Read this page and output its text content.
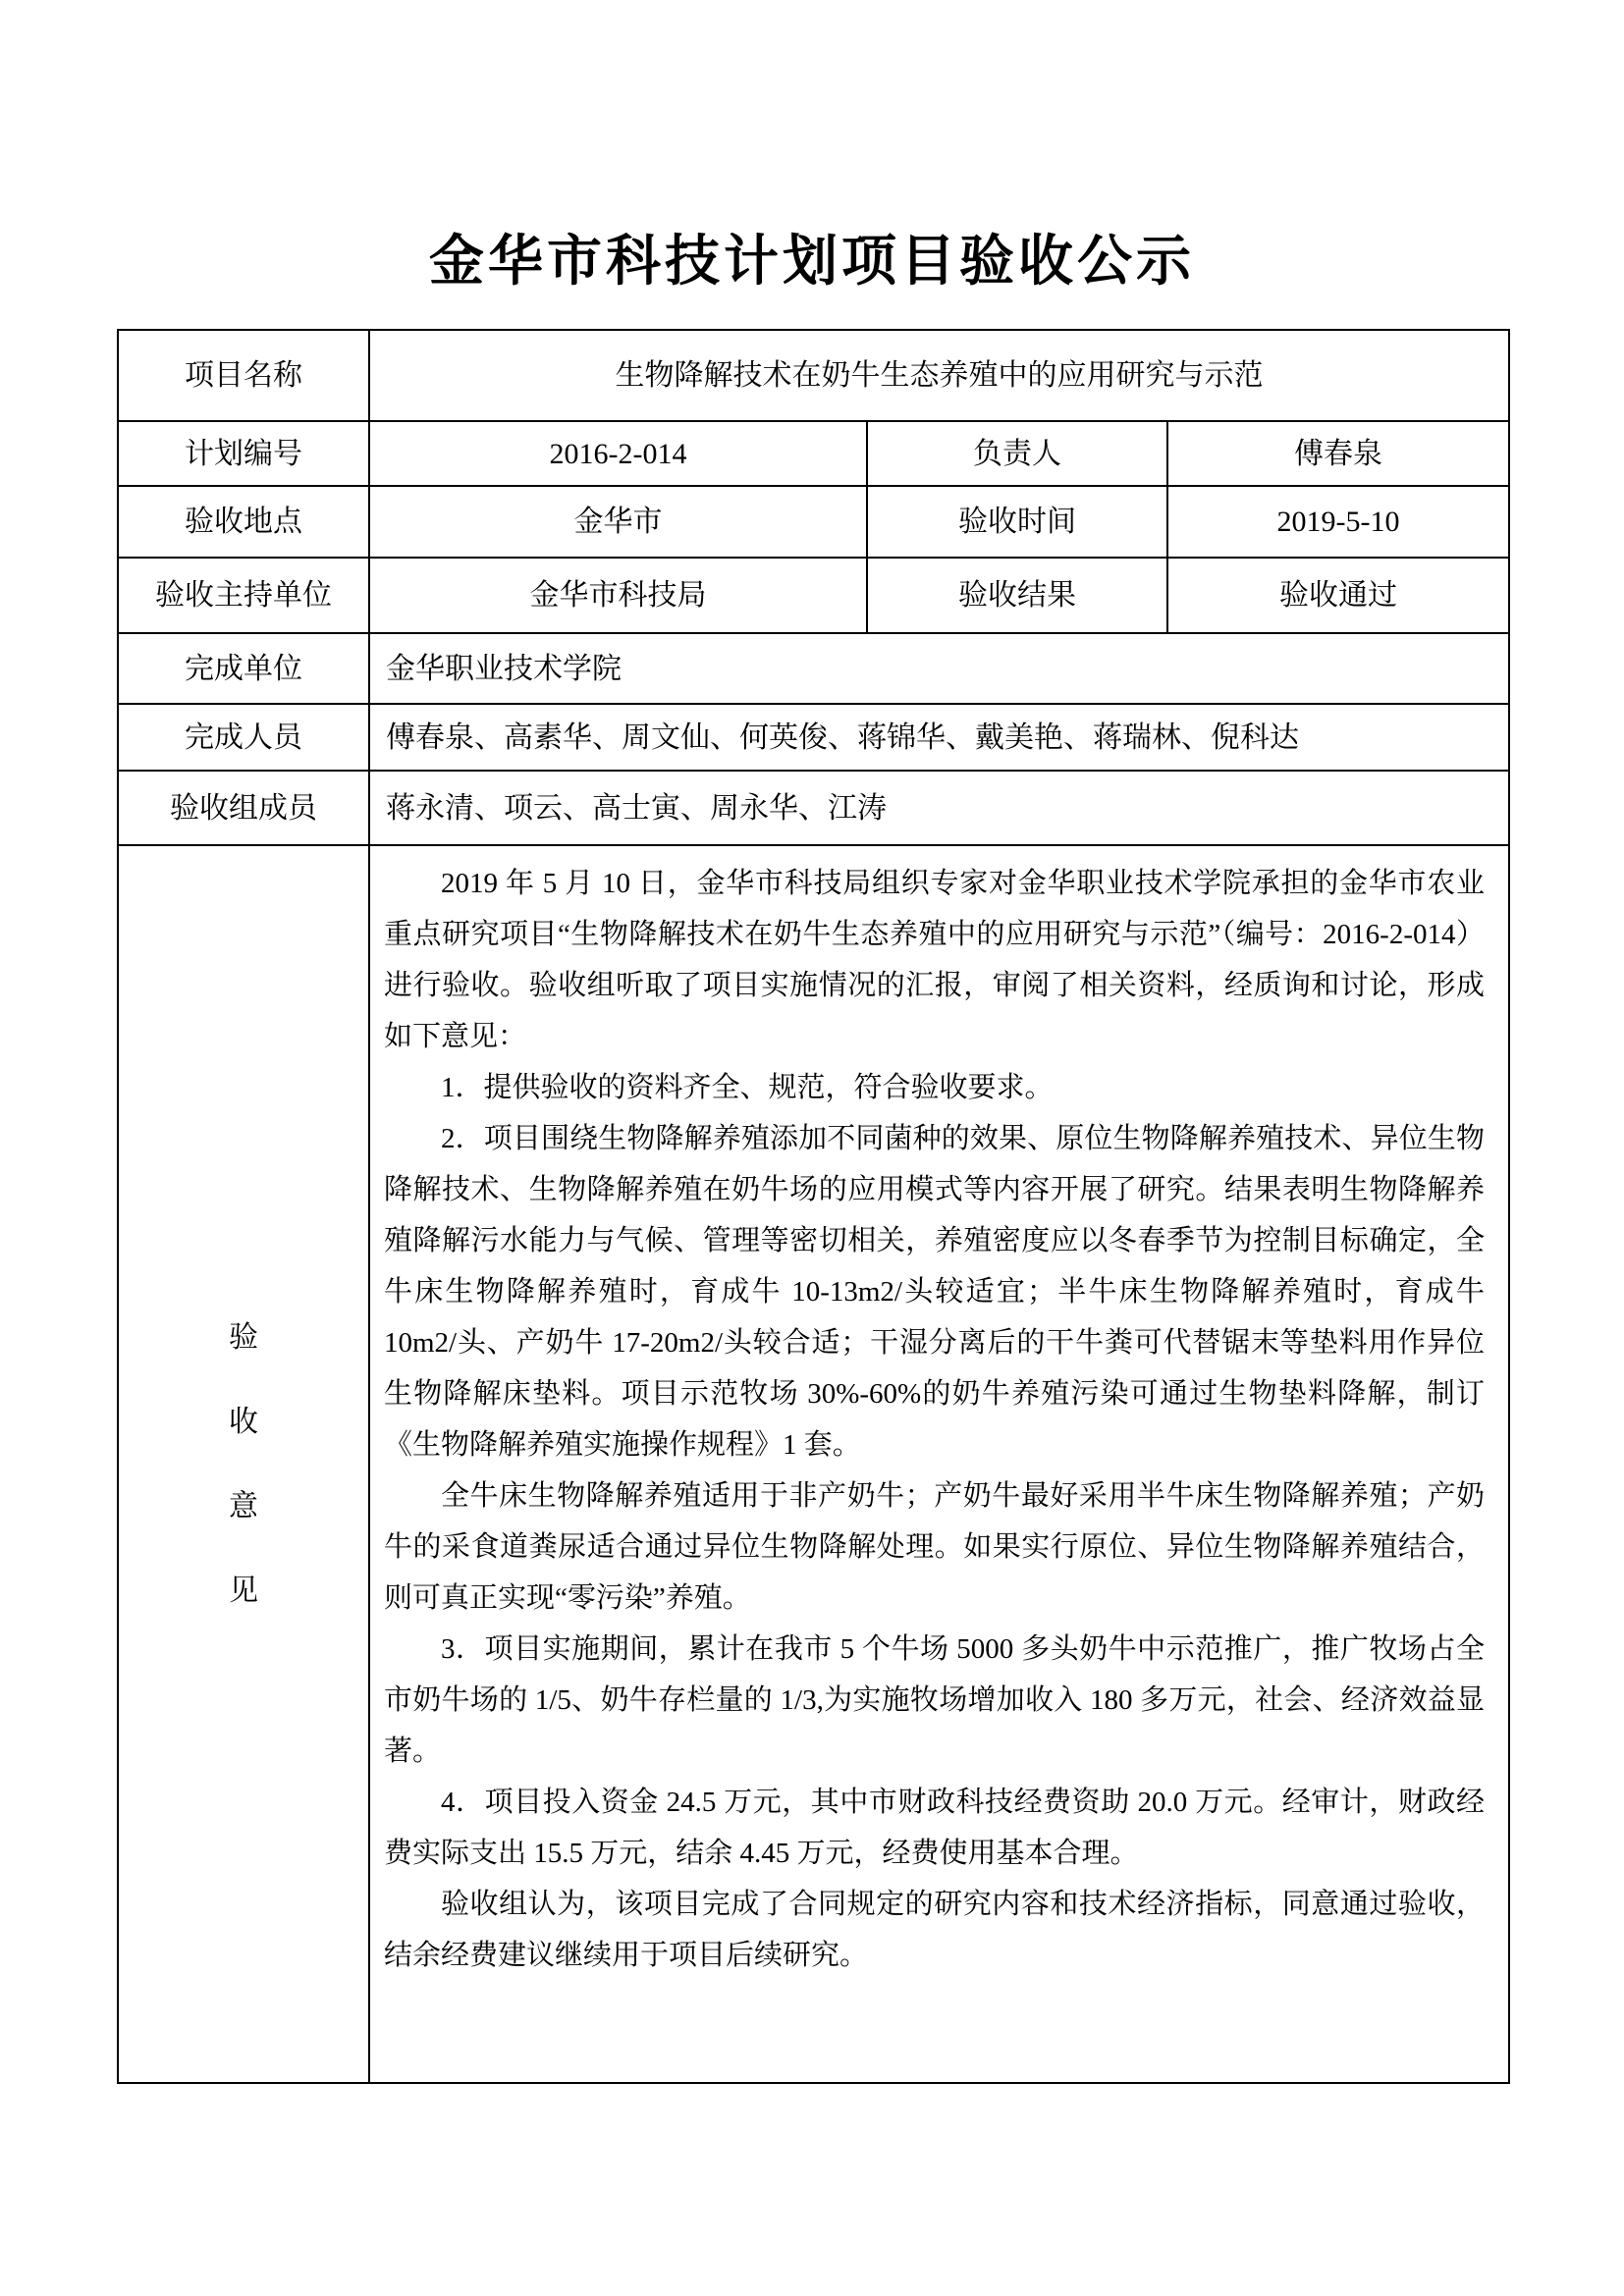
金华市科技计划项目验收公示
项目名称	生物降解技术在奶牛生态养殖中的应用研究与示范		
计划编号	2016-2-014	负责人	傅春泉
验收地点	金华市	验收时间	2019-5-10
验收主持单位	金华市科技局	验收结果	验收通过
完成单位	金华职业技术学院		
完成人员	傅春泉、高素华、周文仙、何英俊、蒋锦华、戴美艳、蒋瑞林、倪科达		
验收组成员	蒋永清、项云、高士寅、周永华、江涛		

验
收
意
见

2019 年 5 月 10 日，金华市科技局组织专家对金华职业技术学院承担的金华市农业重点研究项目“生物降解技术在奶牛生态养殖中的应用研究与示范”（编号：2016-2-014）进行验收。验收组听取了项目实施情况的汇报，审阅了相关资料，经质询和讨论，形成如下意见：

1．提供验收的资料齐全、规范，符合验收要求。

2．项目围绕生物降解养殖添加不同菌种的效果、原位生物降解养殖技术、异位生物降解技术、生物降解养殖在奶牛场的应用模式等内容开展了研究。结果表明生物降解养殖降解污水能力与气候、管理等密切相关，养殖密度应以冬春季节为控制目标确定，全牛床生物降解养殖时，育成牛 10-13m2/头较适宜；半牛床生物降解养殖时，育成牛 10m2/头、产奶牛 17-20m2/头较合适；干湿分离后的干牛粪可代替锯末等垫料用作异位生物降解床垫料。项目示范牧场 30%-60%的奶牛养殖污染可通过生物垫料降解，制订《生物降解养殖实施操作规程》1 套。

全牛床生物降解养殖适用于非产奶牛；产奶牛最好采用半牛床生物降解养殖；产奶牛的采食道粪尿适合通过异位生物降解处理。如果实行原位、异位生物降解养殖结合，则可真正实现“零污染”养殖。

3．项目实施期间，累计在我市 5 个牛场 5000 多头奶牛中示范推广，推广牧场占全市奶牛场的 1/5、奶牛存栏量的 1/3,为实施牧场增加收入 180 多万元，社会、经济效益显著。

4．项目投入资金 24.5 万元，其中市财政科技经费资助 20.0 万元。经审计，财政经费实际支出 15.5 万元，结余 4.45 万元，经费使用基本合理。

验收组认为，该项目完成了合同规定的研究内容和技术经济指标，同意通过验收，结余经费建议继续用于项目后续研究。
